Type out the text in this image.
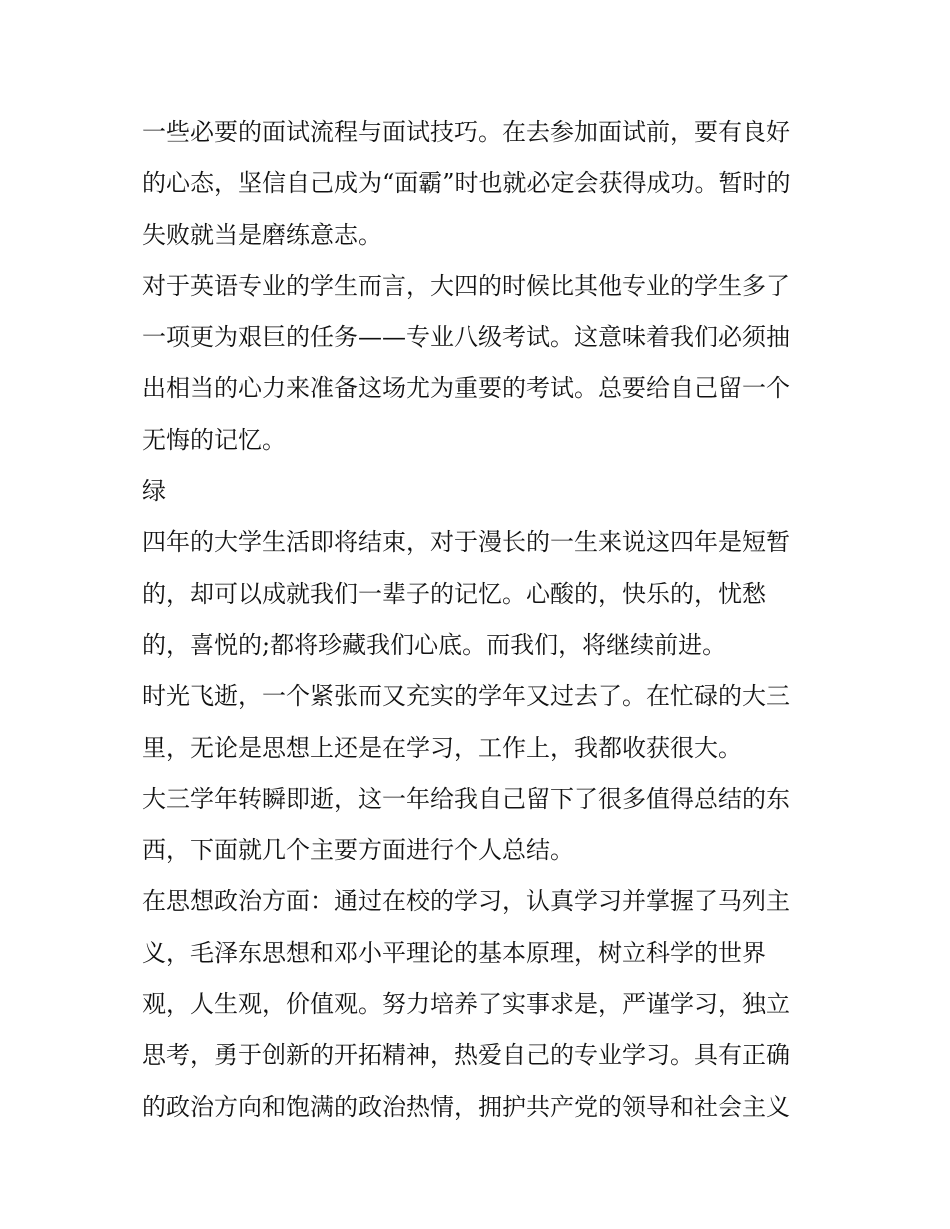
一些必要的面试流程与面试技巧。在去参加面试前，要有良好
的心态，坚信自己成为“面霸”时也就必定会获得成功。暂时的
失败就当是磨练意志。
对于英语专业的学生而言，大四的时候比其他专业的学生多了
一项更为艰巨的任务——专业八级考试。这意味着我们必须抽
出相当的心力来准备这场尤为重要的考试。总要给自己留一个
无悔的记忆。
绿
四年的大学生活即将结束，对于漫长的一生来说这四年是短暂
的，却可以成就我们一辈子的记忆。心酸的，快乐的，忧愁
的，喜悦的;都将珍藏我们心底。而我们，将继续前进。
时光飞逝，一个紧张而又充实的学年又过去了。在忙碌的大三
里，无论是思想上还是在学习，工作上，我都收获很大。
大三学年转瞬即逝，这一年给我自己留下了很多值得总结的东
西，下面就几个主要方面进行个人总结。
在思想政治方面：通过在校的学习，认真学习并掌握了马列主
义，毛泽东思想和邓小平理论的基本原理，树立科学的世界
观，人生观，价值观。努力培养了实事求是，严谨学习，独立
思考，勇于创新的开拓精神，热爱自己的专业学习。具有正确
的政治方向和饱满的政治热情，拥护共产党的领导和社会主义
